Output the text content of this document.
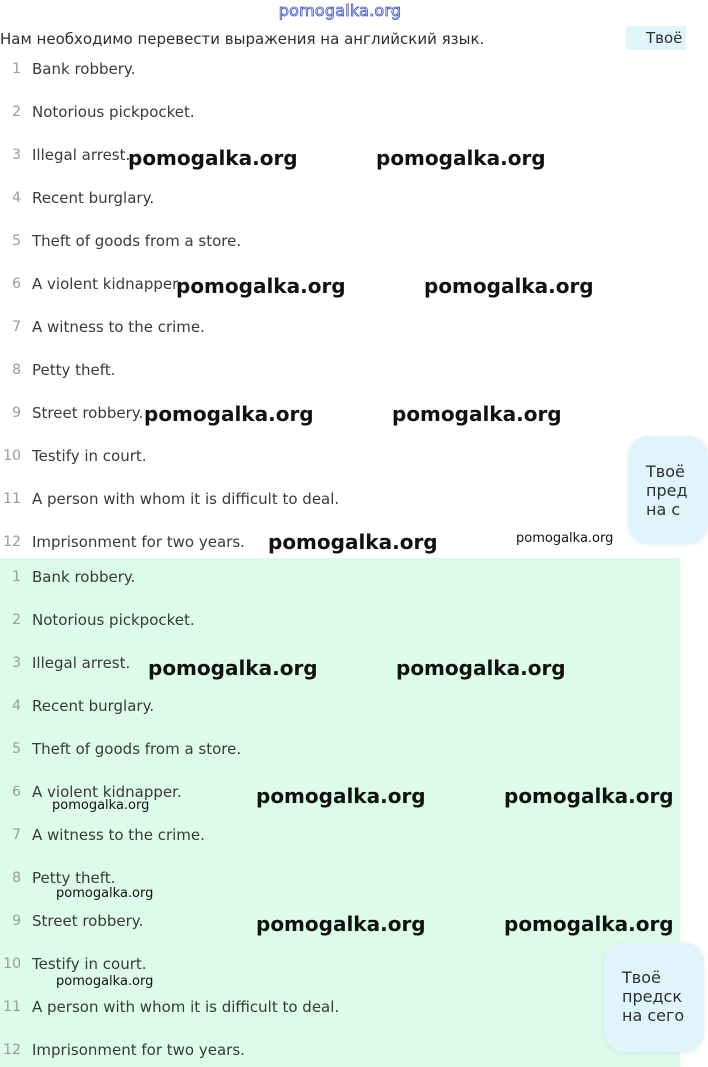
pomogalka.org
Нам необходимо перевести выражения на английский язык.	Твоё
1 Bank robbery.
2 Notorious pickpocket.
3 Illegal arrest.
4 Recent burglary.
5 Theft of goods from a store.
6 A violent kidnapper.
7 A witness to the crime.
8 Petty theft.
9 Street robbery.
10 Testify in court.
11 A person with whom it is difficult to deal.
12 Imprisonment for two years.
pomogalka.org	pomogalka.org
pomogalka.org	pomogalka.org
pomogalka.org	pomogalka.org
pomogalka.org	pomogalka.org
1 Bank robbery.
2 Notorious pickpocket.
3 Illegal arrest.
4 Recent burglary.
5 Theft of goods from a store.
6 A violent kidnapper.
7 A witness to the crime.
8 Petty theft.
9 Street robbery.
10 Testify in court.
11 A person with whom it is difficult to deal.
12 Imprisonment for two years.
pomogalka.org	pomogalka.org
pomogalka.org	pomogalka.org
pomogalka.org
pomogalka.org
pomogalka.org	pomogalka.org
pomogalka.org
Твоё
пред
на с
Твоё
предск
на сего
